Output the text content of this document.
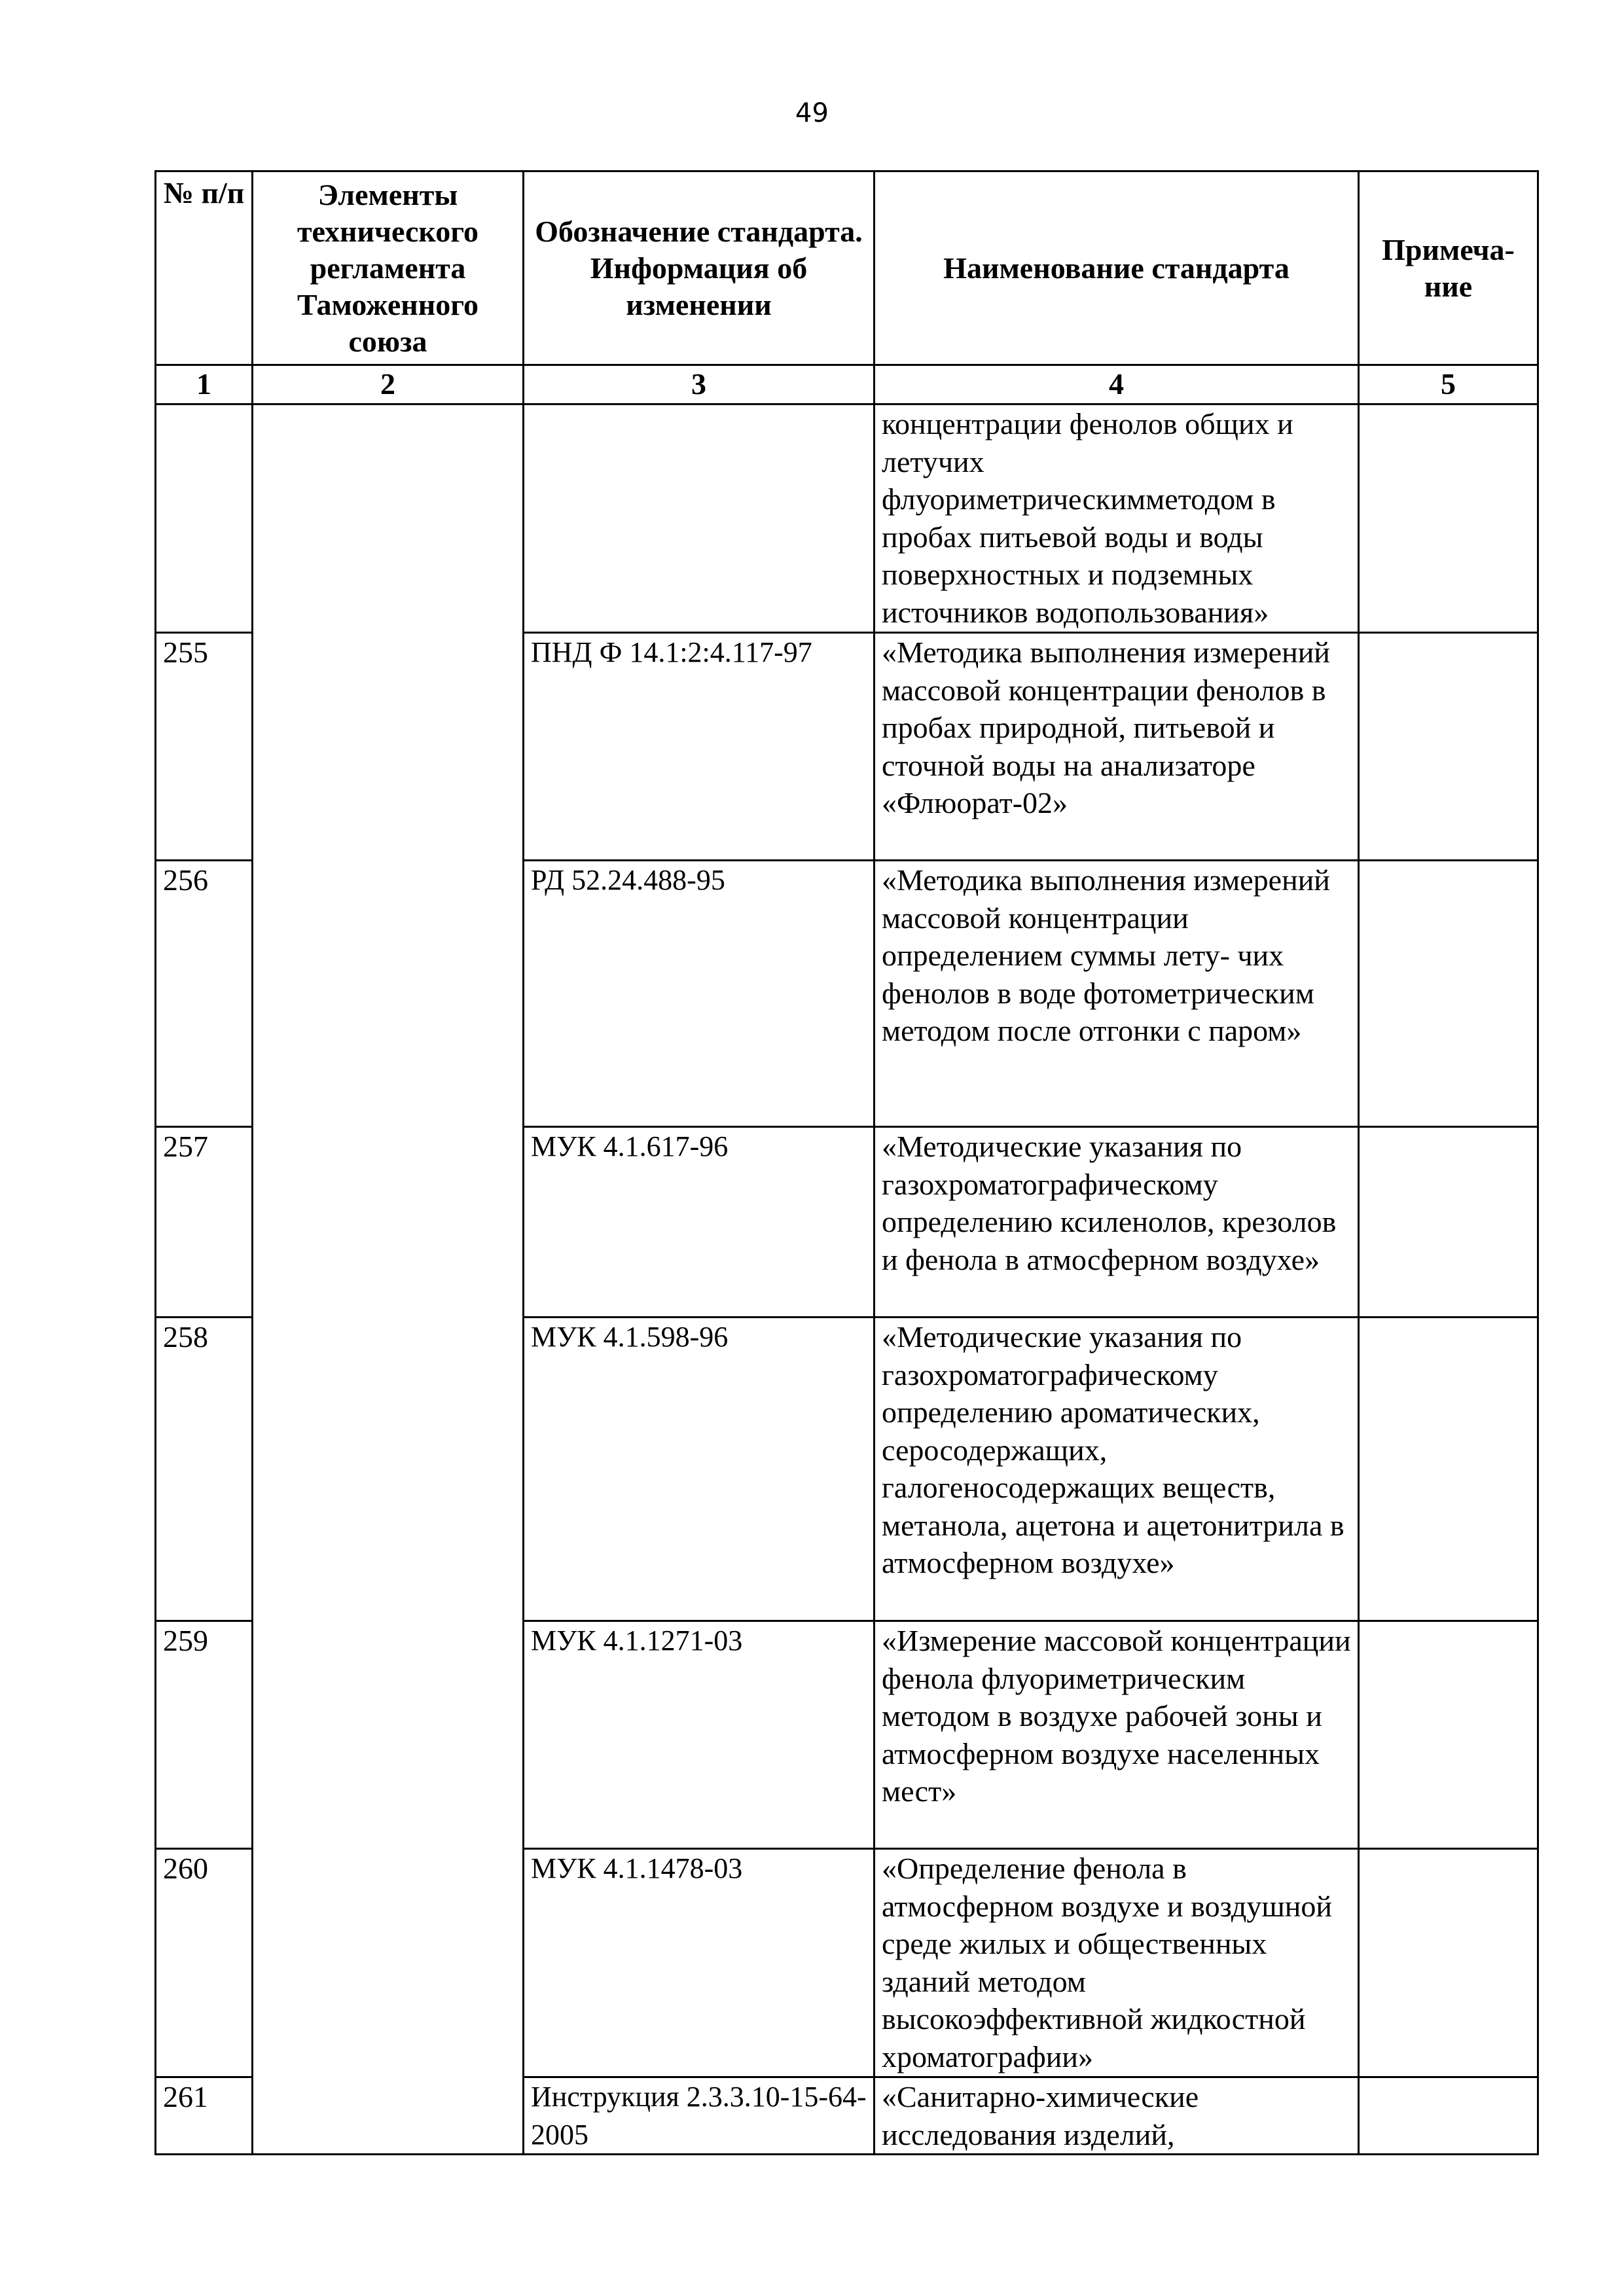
49
№ п/п	Элементы технического регламента Таможенного союза	Обозначение стандарта. Информация об изменении	Наименование стандарта	Примеча-ние
1	2	3	4	5
			концентрации фенолов общих и летучих флуориметрическимметодом в пробах питьевой воды и воды поверхностных и подземных источников водопользования»	
255		ПНД Ф 14.1:2:4.117-97	«Методика выполнения измерений массовой концентрации фенолов в пробах природной, питьевой и сточной воды на анализаторе «Флюорат-02»	
256		РД 52.24.488-95	«Методика выполнения измерений массовой концентрации определением суммы лету- чих фенолов в воде фотометрическим методом после отгонки с паром»	
257		МУК 4.1.617-96	«Методические указания по газохроматографическому определению ксиленолов, крезолов и фенола в атмосферном воздухе»	
258		МУК 4.1.598-96	«Методические указания по газохроматографическому определению ароматических, серосодержащих, галогеносодержащих веществ, метанола, ацетона и ацетонитрила в атмосферном воздухе»	
259		МУК 4.1.1271-03	«Измерение массовой концентрации фенола флуориметрическим методом в воздухе рабочей зоны и атмосферном воздухе населенных мест»	
260		МУК 4.1.1478-03	«Определение фенола в атмосферном воздухе и воздушной среде жилых и общественных зданий методом высокоэффективной жидкостной хроматографии»	
261		Инструкция 2.3.3.10-15-64-2005	«Санитарно-химические исследования изделий,	
